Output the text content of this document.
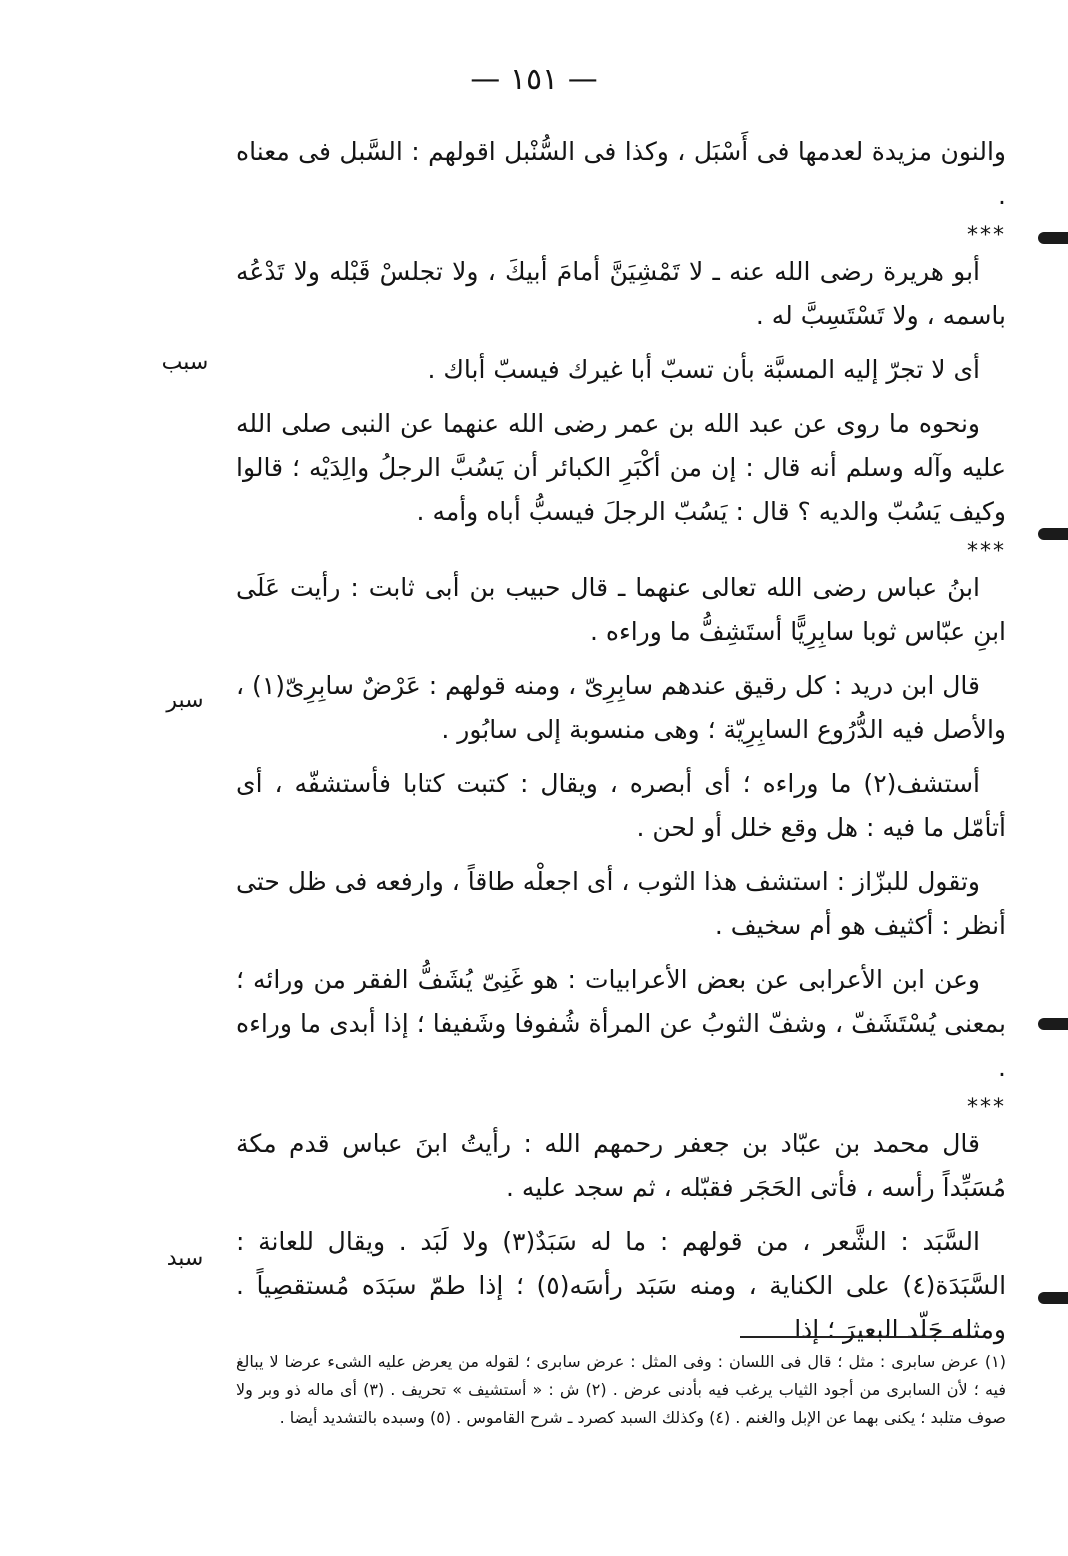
— ١٥١ —

والنون مزيدة لعدمها فى أَسْبَل ، وكذا فى السُّنْبل اقولهم : السَّبل فى معناه .

***

أبو هريرة رضى الله عنه ـ لا تَمْشِيَنَّ أمامَ أبيكَ ، ولا تجلسْ قَبْله ولا تَدْعُه باسمه ، ولا تَسْتَسِبَّ له .

أى لا تجرّ إليه المسبَّة بأن تسبّ أبا غيرك فيسبّ أباك .

ونحوه ما روى عن عبد الله بن عمر رضى الله عنهما عن النبى صلى الله عليه وآله وسلم أنه قال : إن من أكْبَرِ الكبائر أن يَسُبَّ الرجلُ والِدَيْه ؛ قالوا وكيف يَسُبّ والديه ؟ قال : يَسُبّ الرجلَ فيسبُّ أباه وأمه .

***

ابنُ عباس رضى الله تعالى عنهما ـ قال حبيب بن أبى ثابت : رأيت عَلَى ابنِ عبّاس ثوبا سابِرِيًّا أستَشِفُّ ما وراءه .

قال ابن دريد : كل رقيق عندهم سابِرِىّ ، ومنه قولهم : عَرْضٌ سابِرِىّ(١) ، والأصل فيه الدُّرُوع السابِرِيّة ؛ وهى منسوبة إلى سابُور .

أستشف(٢) ما وراءه ؛ أى أبصره ، ويقال : كتبت كتابا فأستشفّه ، أى أتأمّل ما فيه : هل وقع خلل أو لحن .

وتقول للبزّاز : استشف هذا الثوب ، أى اجعلْه طاقاً ، وارفعه فى ظل حتى أنظر : أكثيف هو أم سخيف .

وعن ابن الأعرابى عن بعض الأعرابيات : هو غَنِىّ يُشَفُّ الفقر من ورائه ؛ بمعنى يُسْتَشَفّ ، وشفّ الثوبُ عن المرأة شُفوفا وشَفيفا ؛ إذا أبدى ما وراءه .

***

قال محمد بن عبّاد بن جعفر رحمهم الله : رأيتُ ابنَ عباس قدم مكة مُسَبِّداً رأسه ، فأتى الحَجَر فقبّله ، ثم سجد عليه .

السَّبَد : الشَّعر ، من قولهم : ما له سَبَدٌ(٣) ولا لَبَد . ويقال للعانة : السَّبَدَة(٤) على الكناية ، ومنه سَبَد رأسَه(٥) ؛ إذا طمّ سبَدَه مُستقصِياً . ومثله جَلّد البعيرَ ؛ إذا

سبب
سبر
سبد

(١) عرض سابرى : مثل ؛ قال فى اللسان : وفى المثل : عرض سابرى ؛ لقوله من يعرض عليه الشىء عرضا لا يبالغ فيه ؛ لأن السابرى من أجود الثياب يرغب فيه بأدنى عرض . (٢) ش : « أستشيف » تحريف . (٣) أى ماله ذو وبر ولا صوف متلبد ؛ يكنى بهما عن الإبل والغنم . (٤) وكذلك السبد كصرد ـ شرح القاموس . (٥) وسبده بالتشديد أيضا .
